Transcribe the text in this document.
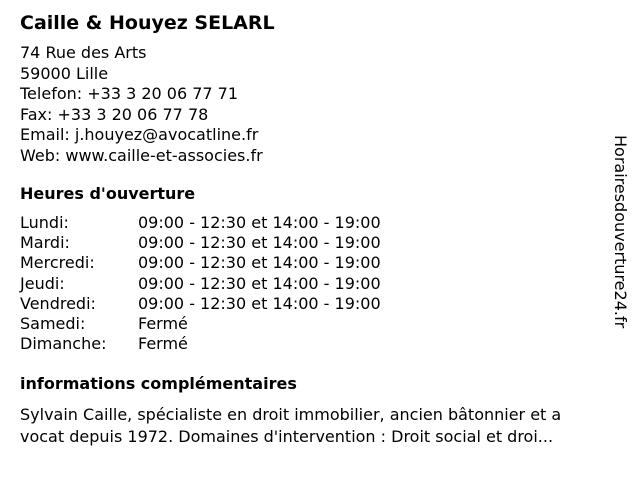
Caille & Houyez SELARL
74 Rue des Arts
59000 Lille
Telefon: +33 3 20 06 77 71
Fax: +33 3 20 06 77 78
Email: j.houyez@avocatline.fr
Web: www.caille-et-associes.fr
Heures d'ouverture
Lundi:	09:00 - 12:30 et 14:00 - 19:00
Mardi:	09:00 - 12:30 et 14:00 - 19:00
Mercredi:	09:00 - 12:30 et 14:00 - 19:00
Jeudi:	09:00 - 12:30 et 14:00 - 19:00
Vendredi:	09:00 - 12:30 et 14:00 - 19:00
Samedi:	Fermé
Dimanche: Fermé
informations complémentaires
Sylvain Caille, spécialiste en droit immobilier, ancien bâtonnier et a
vocat depuis 1972. Domaines d'intervention : Droit social et droi...
Horairesdouverture24.fr
